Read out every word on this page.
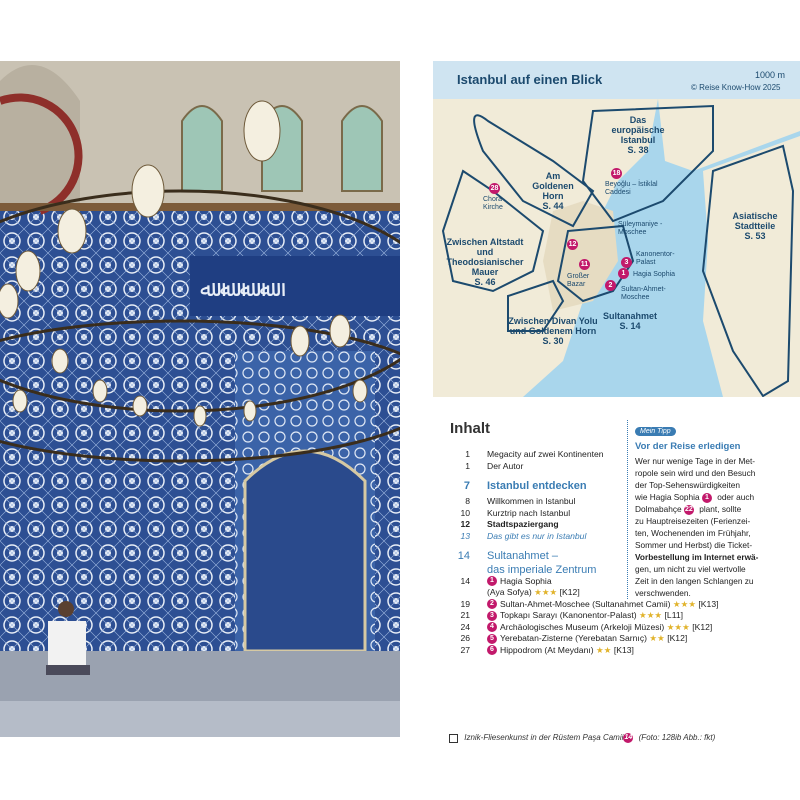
ﷲ ﷲ ﷲ ﷲ
Istanbul auf einen Blick	1000 m
© Reise Know-How 2025
Das europäische Istanbul
S. 38
Am Goldenen Horn
S. 44
Zwischen Altstadt und Theodosianischer Mauer
S. 46
Zwischen Divan Yolu und Goldenem Horn
S. 30
Sultanahmet
S. 14
Asiatische Stadtteile
S. 53
28
Chora-Kirche
18
Beyoğlu – İstiklal Caddesi
12
Süleymaniye - Moschee
11
Großer Bazar
3
Kanonentor-Palast
1	Hagia Sophia
2
Sultan-Ahmet-Moschee
Inhalt
1 Megacity auf zwei Kontinenten
1 Der Autor
7 Istanbul entdecken
8 Willkommen in Istanbul
10 Kurztrip nach Istanbul
12 Stadtspaziergang
13 Das gibt es nur in Istanbul
14 Sultanahmet –
das imperiale Zentrum
14	1 Hagia Sophia
(Aya Sofya) ★★★ [K12]
19	2 Sultan-Ahmet-Moschee (Sultanahmet Camii) ★★★ [K13]
21	3 Topkapı Sarayı (Kanonentor-Palast) ★★★ [L11]
24	4 Archäologisches Museum (Arkeloji Müzesi) ★★★ [K12]
26	5 Yerebatan-Zisterne (Yerebatan Sarnıç) ★★ [K12]
27	6 Hippodrom (At Meydanı) ★★ [K13]
Mein Tipp
Vor der Reise erledigen
Wer nur wenige Tage in der Met-
ropole sein wird und den Besuch
der Top-Sehenswürdigkeiten
wie Hagia Sophia 1 oder auch
Dolmabahçe 22 plant, sollte
zu Hauptreisezeiten (Ferienzei-
ten, Wochenenden im Frühjahr,
Sommer und Herbst) die Ticket-
Vorbestellung im Internet erwä-
gen, um nicht zu viel wertvolle
Zeit in den langen Schlangen zu
verschwenden.
Iznik-Fliesenkunst in der Rüstem Paşa Camii14 (Foto: 128ib Abb.: fkt)
